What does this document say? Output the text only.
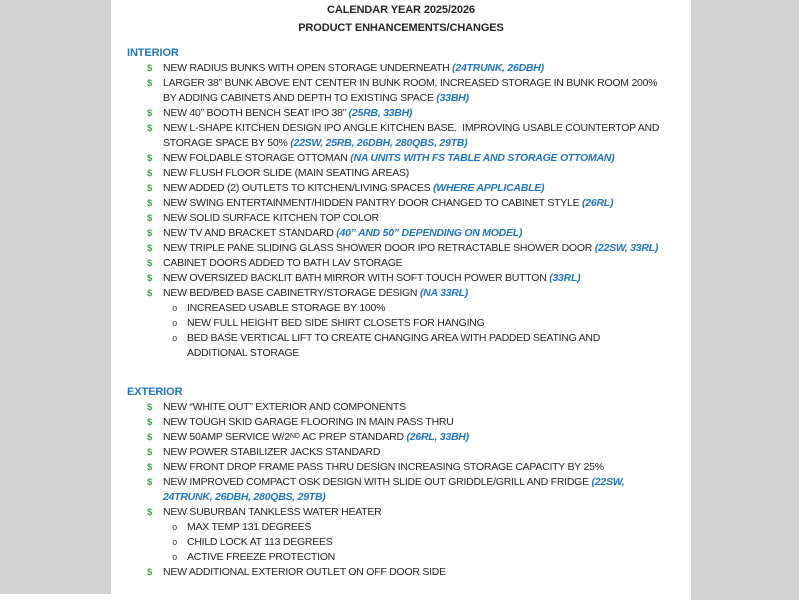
CALENDAR YEAR 2025/2026
PRODUCT ENHANCEMENTS/CHANGES
INTERIOR
$ NEW RADIUS BUNKS WITH OPEN STORAGE UNDERNEATH (24TRUNK, 26DBH)
$ LARGER 38” BUNK ABOVE ENT CENTER IN BUNK ROOM, INCREASED STORAGE IN BUNK ROOM 200%
BY ADDING CABINETS AND DEPTH TO EXISTING SPACE (33BH)
$ NEW 40” BOOTH BENCH SEAT IPO 38” (25RB, 33BH)
$ NEW L-SHAPE KITCHEN DESIGN IPO ANGLE KITCHEN BASE.  IMPROVING USABLE COUNTERTOP AND
STORAGE SPACE BY 50% (22SW, 25RB, 26DBH, 280QBS, 29TB)
$ NEW FOLDABLE STORAGE OTTOMAN (NA UNITS WITH FS TABLE AND STORAGE OTTOMAN)
$ NEW FLUSH FLOOR SLIDE (MAIN SEATING AREAS)
$ NEW ADDED (2) OUTLETS TO KITCHEN/LIVING SPACES (WHERE APPLICABLE)
$ NEW SWING ENTERTAINMENT/HIDDEN PANTRY DOOR CHANGED TO CABINET STYLE (26RL)
$ NEW SOLID SURFACE KITCHEN TOP COLOR
$ NEW TV AND BRACKET STANDARD (40” AND 50” DEPENDING ON MODEL)
$ NEW TRIPLE PANE SLIDING GLASS SHOWER DOOR IPO RETRACTABLE SHOWER DOOR (22SW, 33RL)
$ CABINET DOORS ADDED TO BATH LAV STORAGE
$ NEW OVERSIZED BACKLIT BATH MIRROR WITH SOFT TOUCH POWER BUTTON (33RL)
$ NEW BED/BED BASE CABINETRY/STORAGE DESIGN (NA 33RL)
o INCREASED USABLE STORAGE BY 100%
o NEW FULL HEIGHT BED SIDE SHIRT CLOSETS FOR HANGING
o BED BASE VERTICAL LIFT TO CREATE CHANGING AREA WITH PADDED SEATING AND
ADDITIONAL STORAGE
EXTERIOR
$ NEW “WHITE OUT” EXTERIOR AND COMPONENTS
$ NEW TOUGH SKID GARAGE FLOORING IN MAIN PASS THRU
$ NEW 50AMP SERVICE W/2ND AC PREP STANDARD (26RL, 33BH)
$ NEW POWER STABILIZER JACKS STANDARD
$ NEW FRONT DROP FRAME PASS THRU DESIGN INCREASING STORAGE CAPACITY BY 25%
$ NEW IMPROVED COMPACT OSK DESIGN WITH SLIDE OUT GRIDDLE/GRILL AND FRIDGE (22SW,
24TRUNK, 26DBH, 280QBS, 29TB)
$ NEW SUBURBAN TANKLESS WATER HEATER
o MAX TEMP 131 DEGREES
o CHILD LOCK AT 113 DEGREES
o ACTIVE FREEZE PROTECTION
$ NEW ADDITIONAL EXTERIOR OUTLET ON OFF DOOR SIDE
